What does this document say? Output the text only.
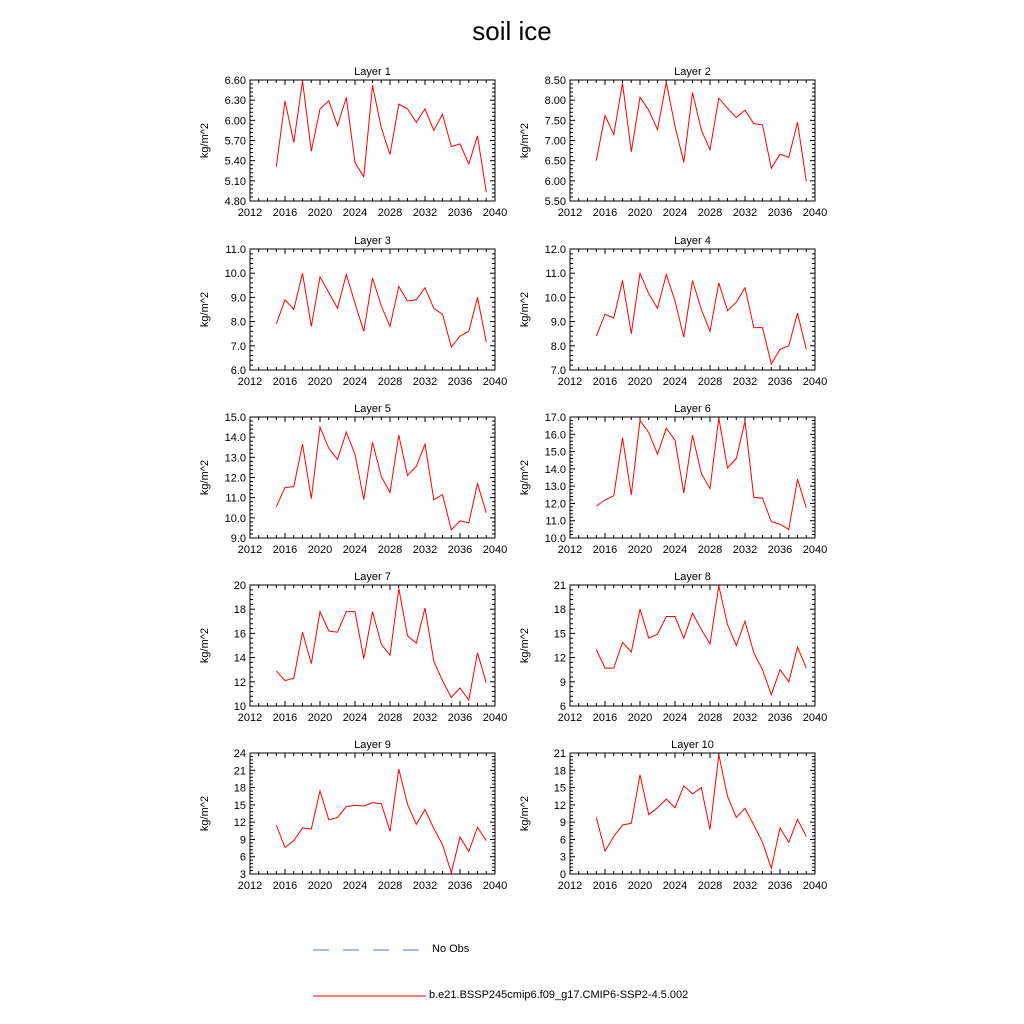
soil ice
Layer 1
2012 2016 2020 2024 2028 2032 2036 2040
4.80
5.10
5.40
5.70
6.00
6.30
6.60
kg/m^2
Layer 2
2012 2016 2020 2024 2028 2032 2036 2040
5.50
6.00
6.50
7.00
7.50
8.00
8.50
kg/m^2
Layer 3
2012 2016 2020 2024 2028 2032 2036 2040
6.0
7.0
8.0
9.0
10.0
11.0
kg/m^2
Layer 4
2012 2016 2020 2024 2028 2032 2036 2040
7.0
8.0
9.0
10.0
11.0
12.0
kg/m^2
Layer 5
2012 2016 2020 2024 2028 2032 2036 2040
9.0
10.0
11.0
12.0
13.0
14.0
15.0
kg/m^2
Layer 6
2012 2016 2020 2024 2028 2032 2036 2040
10.0
11.0
12.0
13.0
14.0
15.0
16.0
17.0
kg/m^2
Layer 7
2012 2016 2020 2024 2028 2032 2036 2040
10
12
14
16
18
20
kg/m^2
Layer 8
2012 2016 2020 2024 2028 2032 2036 2040
6
9
12
15
18
21
kg/m^2
Layer 9
2012 2016 2020 2024 2028 2032 2036 2040
3
6
9
12
15
18
21
24
kg/m^2
Layer 10
2012 2016 2020 2024 2028 2032 2036 2040
0
3
6
9
12
15
18
21
kg/m^2
No Obs
b.e21.BSSP245cmip6.f09_g17.CMIP6-SSP2-4.5.002
